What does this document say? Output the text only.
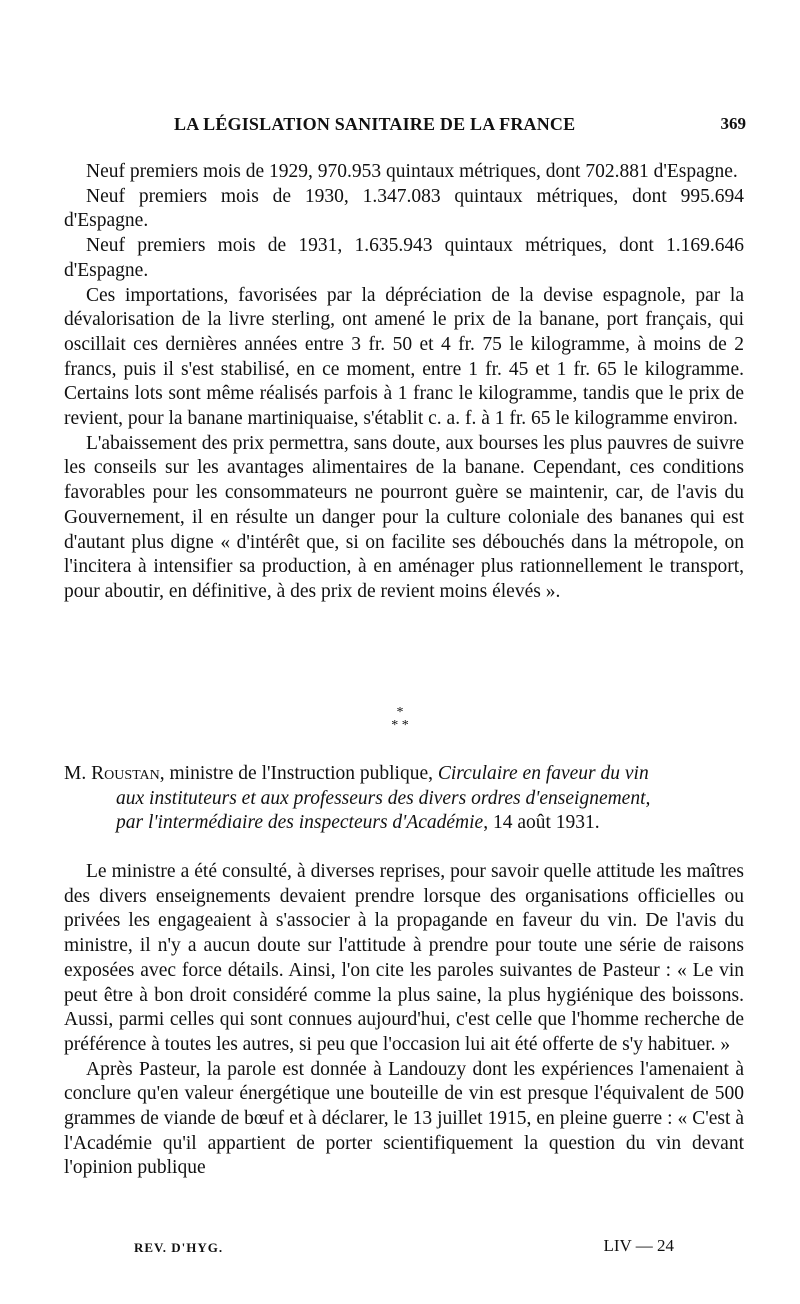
LA LÉGISLATION SANITAIRE DE LA FRANCE	369

Neuf premiers mois de 1929, 970.953 quintaux métriques, dont 702.881 d'Espagne.

Neuf premiers mois de 1930, 1.347.083 quintaux métriques, dont 995.694 d'Espagne.

Neuf premiers mois de 1931, 1.635.943 quintaux métriques, dont 1.169.646 d'Espagne.

Ces importations, favorisées par la dépréciation de la devise espagnole, par la dévalorisation de la livre sterling, ont amené le prix de la banane, port français, qui oscillait ces dernières années entre 3 fr. 50 et 4 fr. 75 le kilogramme, à moins de 2 francs, puis il s'est stabilisé, en ce moment, entre 1 fr. 45 et 1 fr. 65 le kilogramme. Certains lots sont même réalisés parfois à 1 franc le kilogramme, tandis que le prix de revient, pour la banane martiniquaise, s'établit c. a. f. à 1 fr. 65 le kilogramme environ.

L'abaissement des prix permettra, sans doute, aux bourses les plus pauvres de suivre les conseils sur les avantages alimentaires de la banane. Cependant, ces conditions favorables pour les consommateurs ne pourront guère se maintenir, car, de l'avis du Gouvernement, il en résulte un danger pour la culture coloniale des bananes qui est d'autant plus digne « d'intérêt que, si on facilite ses débouchés dans la métropole, on l'incitera à intensifier sa production, à en aménager plus rationnellement le transport, pour aboutir, en définitive, à des prix de revient moins élevés ».

*
* *
M. Roustan, ministre de l'Instruction publique, Circulaire en faveur du vin
aux instituteurs et aux professeurs des divers ordres d'enseignement,
par l'intermédiaire des inspecteurs d'Académie, 14 août 1931.

Le ministre a été consulté, à diverses reprises, pour savoir quelle attitude les maîtres des divers enseignements devaient prendre lorsque des organisations officielles ou privées les engageaient à s'associer à la propagande en faveur du vin. De l'avis du ministre, il n'y a aucun doute sur l'attitude à prendre pour toute une série de raisons exposées avec force détails. Ainsi, l'on cite les paroles suivantes de Pasteur : « Le vin peut être à bon droit considéré comme la plus saine, la plus hygiénique des boissons. Aussi, parmi celles qui sont connues aujourd'hui, c'est celle que l'homme recherche de préférence à toutes les autres, si peu que l'occasion lui ait été offerte de s'y habituer. »

Après Pasteur, la parole est donnée à Landouzy dont les expériences l'amenaient à conclure qu'en valeur énergétique une bouteille de vin est presque l'équivalent de 500 grammes de viande de bœuf et à déclarer, le 13 juillet 1915, en pleine guerre : « C'est à l'Académie qu'il appartient de porter scientifiquement la question du vin devant l'opinion publique

REV. D'HYG.	LIV — 24
